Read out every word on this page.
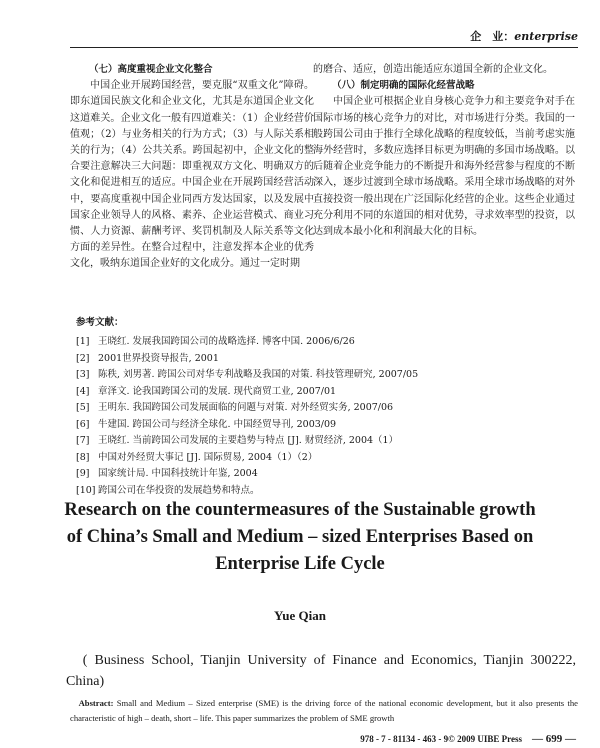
企　业：enterprise

（七）高度重视企业文化整合

中国企业开展跨国经营，要克服“双重文化”障碍。即东道国民族文化和企业文化，尤其是东道国企业文化这道难关。企业文化一般有四道难关：（1）企业经营价值观；（2）与业务相关的行为方式；（3）与人际关系相关的行为；（4）公共关系。跨国起初中，企业文化的整合要注意解决三大问题：即重视双方文化、明确双方的文化和促进相互的适应。中国企业在开展跨国经营活动中，要高度重视中国企业同西方发达国家，以及发展中国家企业领导人的风格、素养、企业运营模式、商业习惯、人力资源、薪酬考评、奖罚机制及人际关系等文化方面的差异性。在整合过程中，注意发挥本企业的优秀文化，吸纳东道国企业好的文化成分。通过一定时期

的磨合、适应，创造出能适应东道国全新的企业文化。

（八）制定明确的国际化经营战略

中国企业可根据企业自身核心竞争力和主要竞争对手在国际市场的核心竞争力的对比，对市场进行分类。我国的一般跨国公司由于推行全球化战略的程度较低，当前考虑实施海外经营时，多数应选择目标更为明确的多国市场战略。以后随着企业竞争能力的不断提升和海外经营参与程度的不断深入，逐步过渡到全球市场战略。采用全球市场战略的对外直接投资一般出现在广泛国际化经营的企业。这些企业通过充分利用不同的东道国的相对优势，寻求效率型的投资，以达到成本最小化和利润最大化的目标。

参考文献：
[1] 王晓红. 发展我国跨国公司的战略选择. 博客中国. 2006/6/26
[2] 2001世界投资导报告, 2001
[3] 陈秩, 刘男著. 跨国公司对华专利战略及我国的对策. 科技管理研究, 2007/05
[4] 章泽文. 论我国跨国公司的发展. 现代商贸工业, 2007/01
[5] 王明东. 我国跨国公司发展面临的问题与对策. 对外经贸实务, 2007/06
[6] 牛建国. 跨国公司与经济全球化. 中国经贸导刊, 2003/09
[7] 王晓红. 当前跨国公司发展的主要趋势与特点 [J]. 财贸经济, 2004（1）
[8] 中国对外经贸大事记 [J]. 国际贸易, 2004（1）（2）
[9] 国家统计局. 中国科技统计年鉴, 2004
[10] 跨国公司在华投资的发展趋势和特点。
Research on the countermeasures of the Sustainable growth of China’s Small and Medium – sized Enterprises Based on Enterprise Life Cycle
Yue Qian
( Business School, Tianjin University of Finance and Economics, Tianjin 300222, China)
Abstract: Small and Medium – Sized enterprise (SME) is the driving force of the national economic development, but it also presents the characteristic of high – death, short – life. This paper summarizes the problem of SME growth
978 - 7 - 81134 - 463 - 9© 2009 UIBE Press — 699 —
